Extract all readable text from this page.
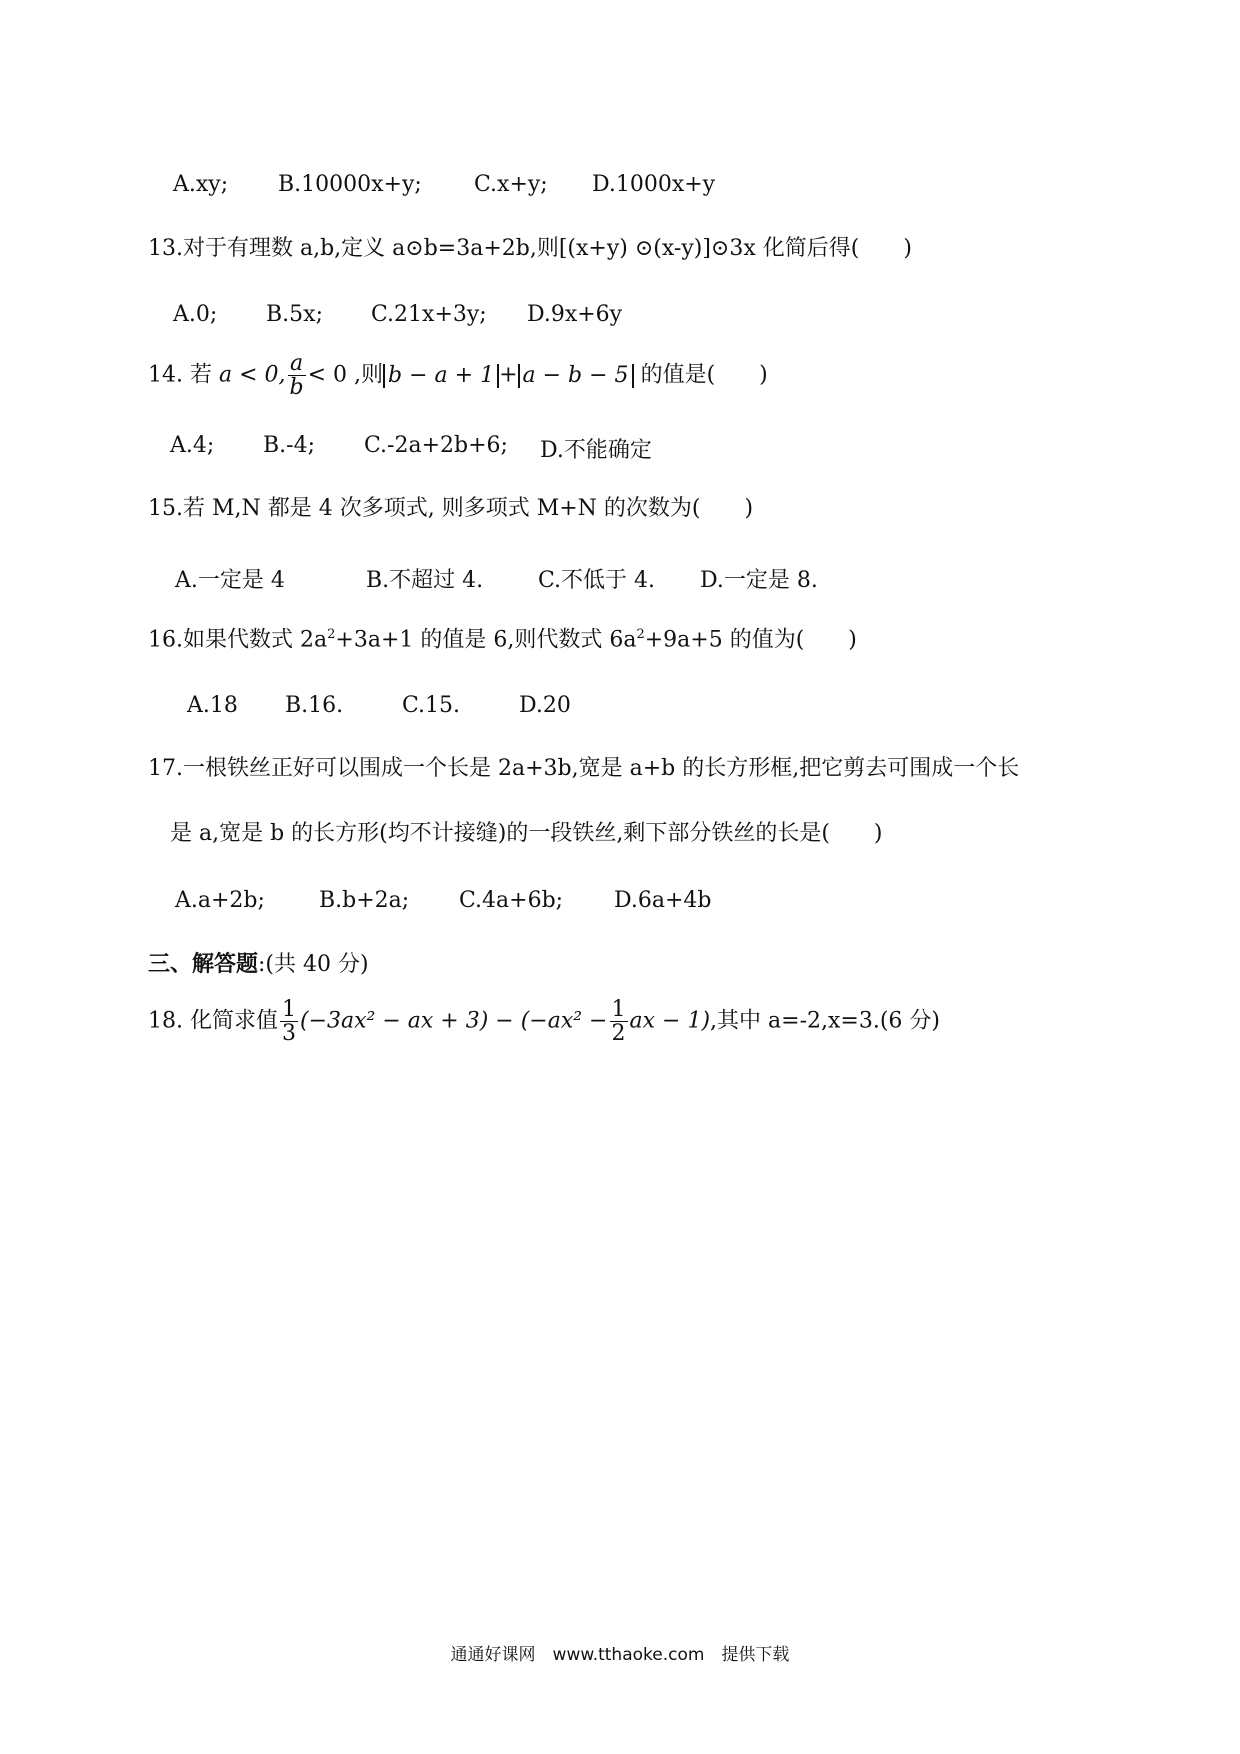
A.xy; B.10000x+y; C.x+y; D.1000x+y
13.对于有理数 a,b,定义 a⊙b=3a+2b,则[(x+y) ⊙(x-y)]⊙3x 化简后得(　　)
A.0; B.5x; C.21x+3y; D.9x+6y
14. 若 a < 0, $\frac{a}{b} < 0$ ,则 b − a + 1 + a − b − 5 的值是(　　)
A.4; B.-4; C.-2a+2b+6; D.不能确定
15.若 M,N 都是 4 次多项式, 则多项式 M+N 的次数为(　　)
A.一定是 4	B.不超过 4. C.不低于 4. D.一定是 8.
16.如果代数式 $2a^2+3a+1$ 的值是 6,则代数式 $6a^2+9a+5$ 的值为(　　)
A.18 B.16.	C.15.	D.20
17.一根铁丝正好可以围成一个长是 2a+3b,宽是 a+b 的长方形框,把它剪去可围成一个长
是 a,宽是 b 的长方形(均不计接缝)的一段铁丝,剩下部分铁丝的长是(　　)
A.a+2b; B.b+2a; C.4a+6b; D.6a+4b
三、解答题:(共 40 分)
18. 化简求值 $\frac{1}{3} (-3ax^2$ − ax + $3) - (-ax^2 - \frac{1}{2}$ ax − 1),其中 a=-2,x=3.(6 分)
通通好课网　www.tthaoke.com　提供下载
